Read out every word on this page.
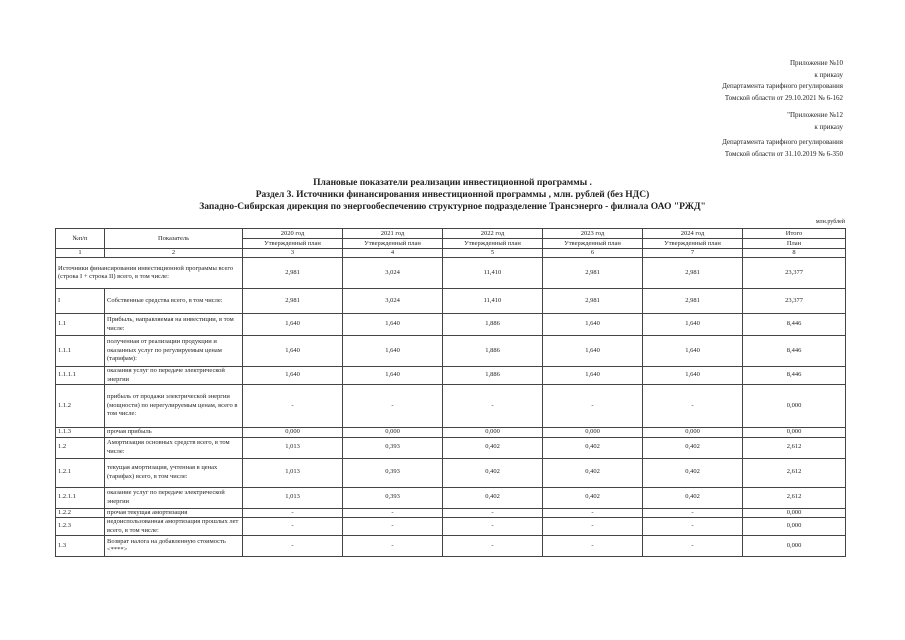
Приложение №10
к приказу
Департамента тарифного регулирования
Томской области от 29.10.2021 № 6-162
"Приложение №12
к приказу
Департамента тарифного регулирования
Томской области от 31.10.2019 № 6-350
Плановые показатели реализации инвестиционной программы .
Раздел 3. Источники финансирования инвестиционной программы , млн. рублей (без НДС)
Западно-Сибирская дирекция по энергообеспечению структурное подразделение Трансэнерго - филиала ОАО "РЖД"
млн.рублей
№п/п	Показатель	2020 год	2021 год	2022 год	2023 год	2024 год	Итого
		Утвержденный план	Утвержденный план	Утвержденный план	Утвержденный план	Утвержденный план	План
1	2	3	4	5	6	7	8
Источники финансирования инвестиционной программы всего (строка I + строка II) всего, в том числе:		2,981	3,024	11,410	2,981	2,981	23,377
I	Собственные средства всего, в том числе:	2,981	3,024	11,410	2,981	2,981	23,377
1.1	Прибыль, направляемая на инвестиции, в том числе:	1,640	1,640	1,886	1,640	1,640	8,446
1.1.1	полученная от реализации продукции и оказанных услуг по регулируемым ценам (тарифам):	1,640	1,640	1,886	1,640	1,640	8,446
1.1.1.1	оказания услуг по передаче электрической энергии	1,640	1,640	1,886	1,640	1,640	8,446
1.1.2	прибыль от продажи электрической энергии (мощности) по нерегулируемым ценам, всего в том числе:	-	-	-	-	-	0,000
1.1.3	прочая прибыль	0,000	0,000	0,000	0,000	0,000	0,000
1.2	Амортизация основных средств всего, в том числе:	1,013	0,393	0,402	0,402	0,402	2,612
1.2.1	текущая амортизация, учтенная в ценах (тарифах) всего, в том числе:	1,013	0,393	0,402	0,402	0,402	2,612
1.2.1.1	оказание услуг по передаче электрической энергии	1,013	0,393	0,402	0,402	0,402	2,612
1.2.2	прочая текущая амортизация	-	-	-	-	-	0,000
1.2.3	недоиспользованная амортизация прошлых лет всего, в том числе:	-	-	-	-	-	0,000
1.3	Возврат налога на добавленную стоимость <****>	-	-	-	-	-	0,000
